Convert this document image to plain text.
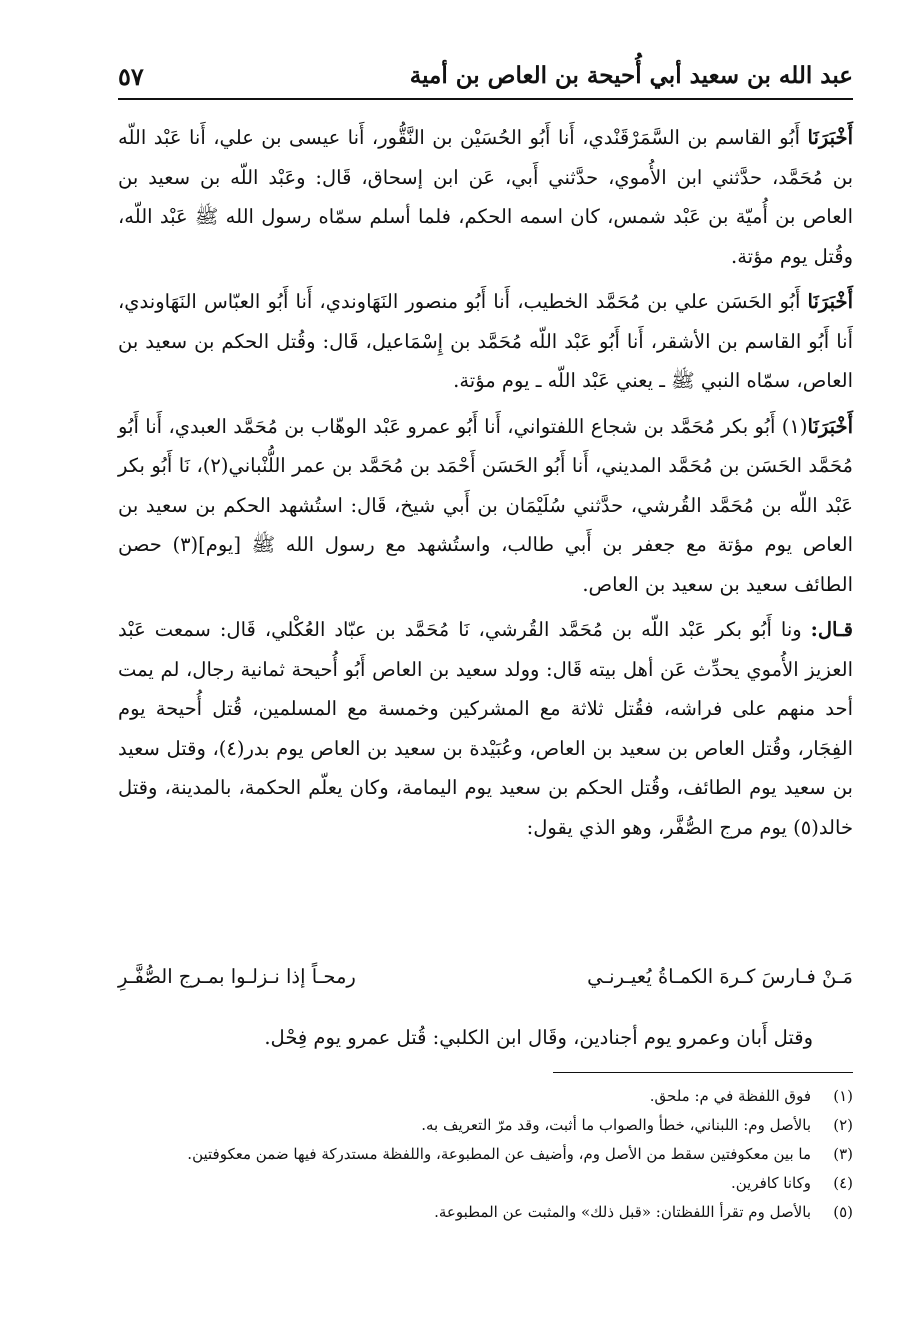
عبد الله بن سعيد أبي أُحيحة بن العاص بن أمية
٥٧

أَخْبَرَنَا أَبُو القاسم بن السَّمَرْقَنْدي، أَنا أَبُو الحُسَيْن بن النَّقُّور، أَنا عيسى بن علي، أَنا عَبْد اللّه بن مُحَمَّد، حدَّثني ابن الأُموي، حدَّثني أَبي، عَن ابن إسحاق، قَال: وعَبْد اللّه بن سعيد بن العاص بن أُميّة بن عَبْد شمس، كان اسمه الحكم، فلما أسلم سمّاه رسول الله ﷺ عَبْد اللّه، وقُتل يوم مؤتة.

أَخْبَرَنَا أَبُو الحَسَن علي بن مُحَمَّد الخطيب، أَنا أَبُو منصور النَهَاوندي، أَنا أَبُو العبّاس النَهَاوندي، أَنا أَبُو القاسم بن الأشقر، أَنا أَبُو عَبْد اللّه مُحَمَّد بن إِسْمَاعيل، قَال: وقُتل الحكم بن سعيد بن العاص، سمّاه النبي ﷺ ـ يعني عَبْد اللّه ـ يوم مؤتة.

أَخْبَرَنَا(١) أَبُو بكر مُحَمَّد بن شجاع اللفتواني، أَنا أَبُو عمرو عَبْد الوهّاب بن مُحَمَّد العبدي، أَنا أَبُو مُحَمَّد الحَسَن بن مُحَمَّد المديني، أَنا أَبُو الحَسَن أَحْمَد بن مُحَمَّد بن عمر اللُّنْباني(٢)، نَا أَبُو بكر عَبْد اللّه بن مُحَمَّد القُرشي، حدَّثني سُلَيْمَان بن أَبي شيخ، قَال: استُشهد الحكم بن سعيد بن العاص يوم مؤتة مع جعفر بن أَبي طالب، واستُشهد مع رسول الله ﷺ [يوم](٣) حصن الطائف سعيد بن سعيد بن العاص.

قـال: ونا أَبُو بكر عَبْد اللّه بن مُحَمَّد القُرشي، نَا مُحَمَّد بن عبّاد العُكْلي، قَال: سمعت عَبْد العزيز الأُموي يحدِّث عَن أهل بيته قَال: وولد سعيد بن العاص أَبُو أُحيحة ثمانية رجال، لم يمت أحد منهم على فراشه، فقُتل ثلاثة مع المشركين وخمسة مع المسلمين، قُتل أُحيحة يوم الفِجَار، وقُتل العاص بن سعيد بن العاص، وعُبَيْدة بن سعيد بن العاص يوم بدر(٤)، وقتل سعيد بن سعيد يوم الطائف، وقُتل الحكم بن سعيد يوم اليمامة، وكان يعلّم الحكمة، بالمدينة، وقتل خالد(٥) يوم مرج الصُّفَّر، وهو الذي يقول:

مَـنْ فـارسَ كـرهَ الكمـاةُ يُعيـرنـي
رمحـاً إذا نـزلـوا بمـرج الصُّفَّـرِ
وقتل أَبان وعمرو يوم أجنادين، وقَال ابن الكلبي: قُتل عمرو يوم فِحْل.
(١)
فوق اللفظة في م: ملحق.
(٢)
بالأصل وم: اللبناني، خطأ والصواب ما أثبت، وقد مرّ التعريف به.
(٣)
ما بين معكوفتين سقط من الأصل وم، وأضيف عن المطبوعة، واللفظة مستدركة فيها ضمن معكوفتين.
(٤)
وكانا كافرين.
(٥)
بالأصل وم تقرأ اللفظتان: «قبل ذلك» والمثبت عن المطبوعة.
